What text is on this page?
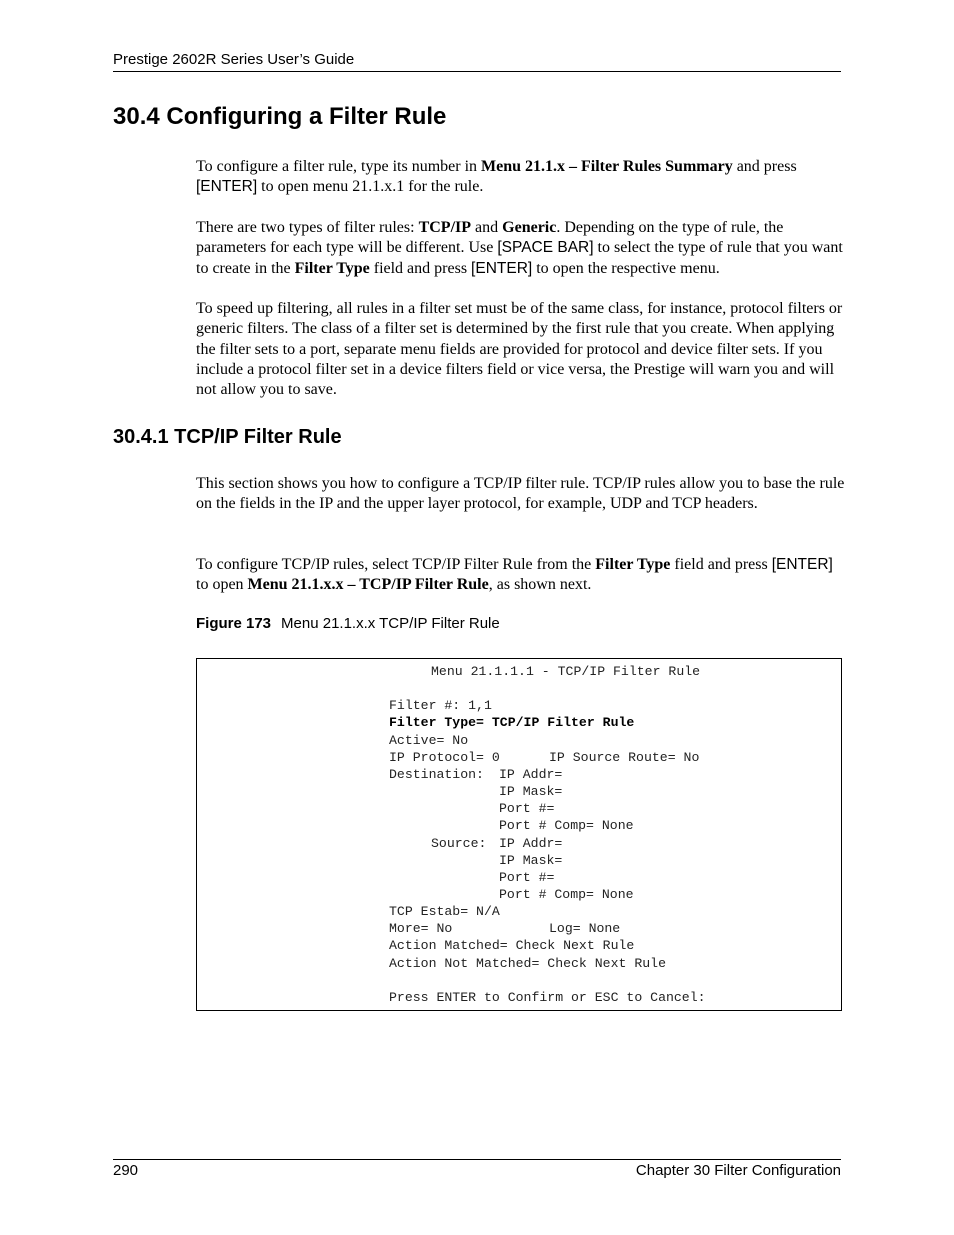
Prestige 2602R Series User’s Guide
30.4 Configuring a Filter Rule

To configure a filter rule, type its number in Menu 21.1.x – Filter Rules Summary and press [ENTER] to open menu 21.1.x.1 for the rule.

There are two types of filter rules: TCP/IP and Generic. Depending on the type of rule, the parameters for each type will be different. Use [SPACE BAR] to select the type of rule that you want to create in the Filter Type field and press [ENTER] to open the respective menu.

To speed up filtering, all rules in a filter set must be of the same class, for instance, protocol filters or generic filters. The class of a filter set is determined by the first rule that you create. When applying the filter sets to a port, separate menu fields are provided for protocol and device filter sets. If you include a protocol filter set in a device filters field or vice versa, the Prestige will warn you and will not allow you to save.

30.4.1 TCP/IP Filter Rule

This section shows you how to configure a TCP/IP filter rule. TCP/IP rules allow you to base the rule on the fields in the IP and the upper layer protocol, for example, UDP and TCP headers.

To configure TCP/IP rules, select TCP/IP Filter Rule from the Filter Type field and press [ENTER] to open Menu 21.1.x.x – TCP/IP Filter Rule, as shown next.

Figure 173 Menu 21.1.x.x TCP/IP Filter Rule
Menu 21.1.1.1 - TCP/IP Filter Rule
Filter #: 1,1
Filter Type= TCP/IP Filter Rule
Active= No
IP Protocol= 0	IP Source Route= No
Destination: IP Addr=
IP Mask=
Port #=
Port # Comp= None
Source: IP Addr=
IP Mask=
Port #=
Port # Comp= None
TCP Estab= N/A
More= No	Log= None
Action Matched= Check Next Rule
Action Not Matched= Check Next Rule
Press ENTER to Confirm or ESC to Cancel:
290	Chapter 30 Filter Configuration
